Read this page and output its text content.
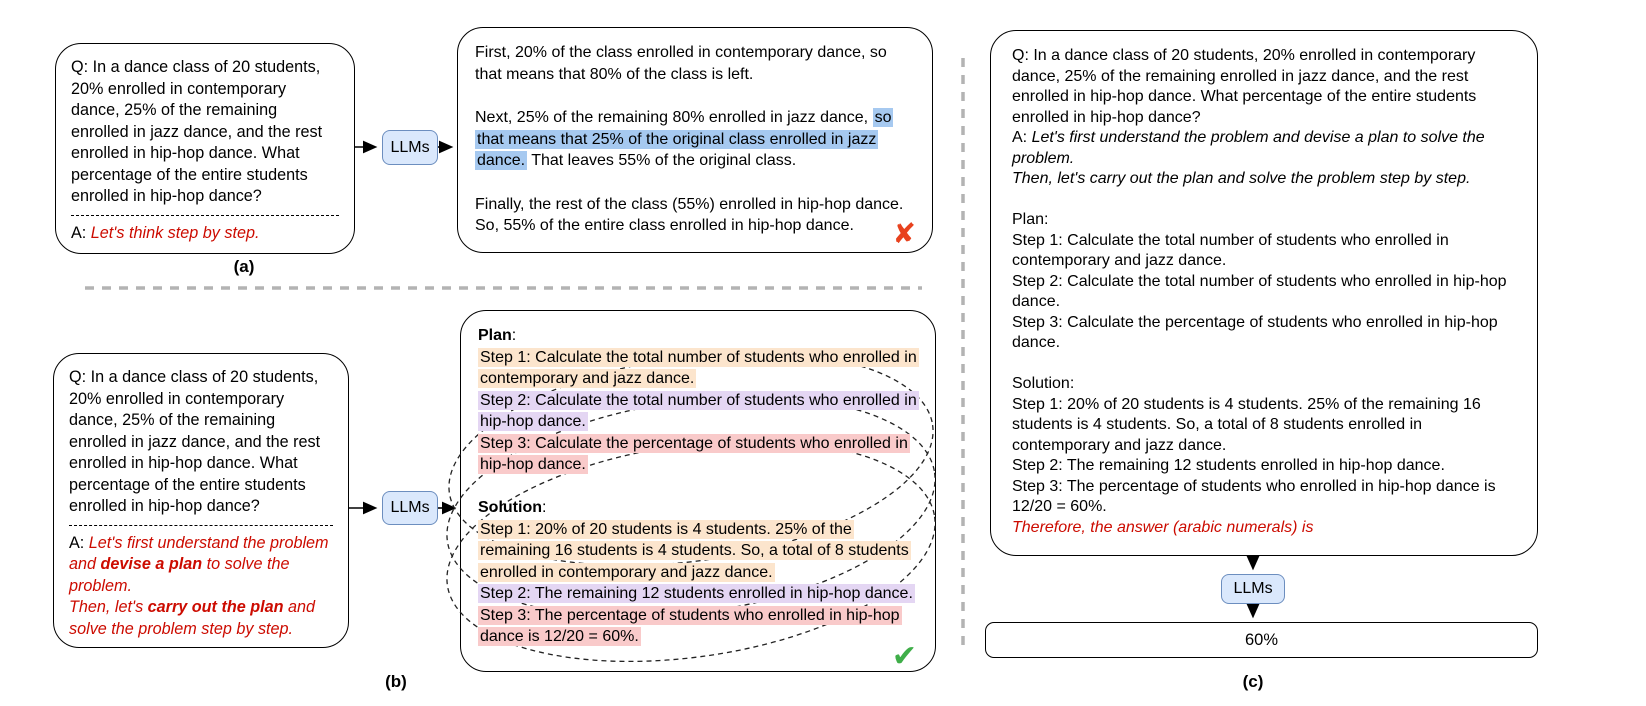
Q: In a dance class of 20 students, 20% enrolled in contemporary dance, 25% of the remaining enrolled in jazz dance, and the rest enrolled in hip-hop dance. What percentage of the entire students enrolled in hip-hop dance?
A: Let's think step by step.
LLMs

First, 20% of the class enrolled in contemporary dance, so that means that 80% of the class is left.

Next, 25% of the remaining 80% enrolled in jazz dance, so that means that 25% of the original class enrolled in jazz dance. That leaves 55% of the original class.

Finally, the rest of the class (55%) enrolled in hip-hop dance. So, 55% of the entire class enrolled in hip-hop dance.	✘
(a)
Q: In a dance class of 20 students, 20% enrolled in contemporary dance, 25% of the remaining enrolled in jazz dance, and the rest enrolled in hip-hop dance. What percentage of the entire students enrolled in hip-hop dance?
A: Let's first understand the problem and devise a plan to solve the problem.
Then, let's carry out the plan and solve the problem step by step.
LLMs
Plan:
Step 1: Calculate the total number of students who enrolled in contemporary and jazz dance.
Step 2: Calculate the total number of students who enrolled in hip-hop dance.
Step 3: Calculate the percentage of students who enrolled in hip-hop dance.
Solution:
Step 1: 20% of 20 students is 4 students. 25% of the remaining 16 students is 4 students. So, a total of 8 students enrolled in contemporary and jazz dance.
Step 2: The remaining 12 students enrolled in hip-hop dance.
Step 3: The percentage of students who enrolled in hip-hop dance is 12/20 = 60%.
✔
(b)
Q: In a dance class of 20 students, 20% enrolled in contemporary dance, 25% of the remaining enrolled in jazz dance, and the rest enrolled in hip-hop dance. What percentage of the entire students enrolled in hip-hop dance?
A: Let's first understand the problem and devise a plan to solve the problem.
Then, let's carry out the plan and solve the problem step by step.
Plan:
Step 1: Calculate the total number of students who enrolled in contemporary and jazz dance.
Step 2: Calculate the total number of students who enrolled in hip-hop dance.
Step 3: Calculate the percentage of students who enrolled in hip-hop dance.
Solution:
Step 1: 20% of 20 students is 4 students. 25% of the remaining 16 students is 4 students. So, a total of 8 students enrolled in contemporary and jazz dance.
Step 2: The remaining 12 students enrolled in hip-hop dance.
Step 3: The percentage of students who enrolled in hip-hop dance is 12/20 = 60%.
Therefore, the answer (arabic numerals) is
LLMs
60%
(c)
